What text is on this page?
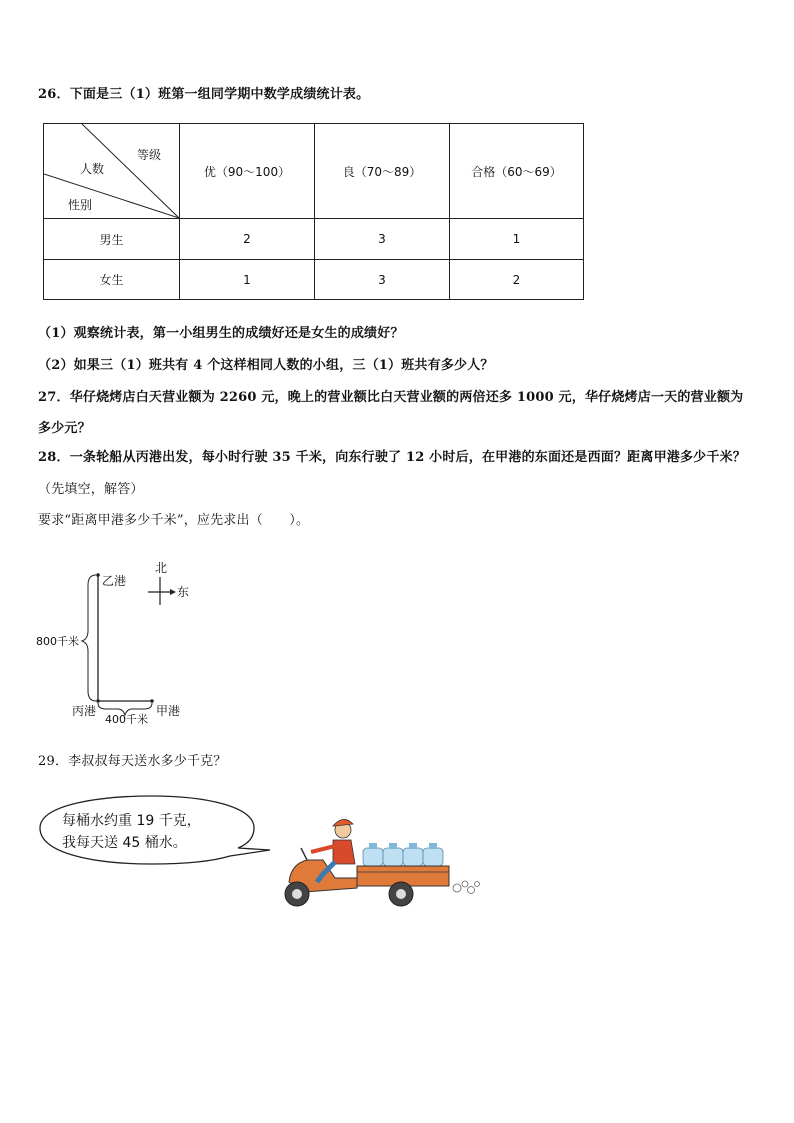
26．下面是三（1）班第一组同学期中数学成绩统计表。
等级
人数
性别	优（90～100）	良（70～89）	合格（60～69）
男生	2	3	1
女生	1	3	2
（1）观察统计表，第一小组男生的成绩好还是女生的成绩好？
（2）如果三（1）班共有 4 个这样相同人数的小组，三（1）班共有多少人？
27．华仔烧烤店白天营业额为 2260 元，晚上的营业额比白天营业额的两倍还多 1000 元，华仔烧烤店一天的营业额为
多少元？
28．一条轮船从丙港出发，每小时行驶 35 千米，向东行驶了 12 小时后，在甲港的东面还是西面？距离甲港多少千米？
（先填空，解答）
要求“距离甲港多少千米”，应先求出（　　）。
北
东
乙港
800千米
丙港	甲港
400千米
29．李叔叔每天送水多少千克？
每桶水约重 19 千克，
我每天送 45 桶水。
